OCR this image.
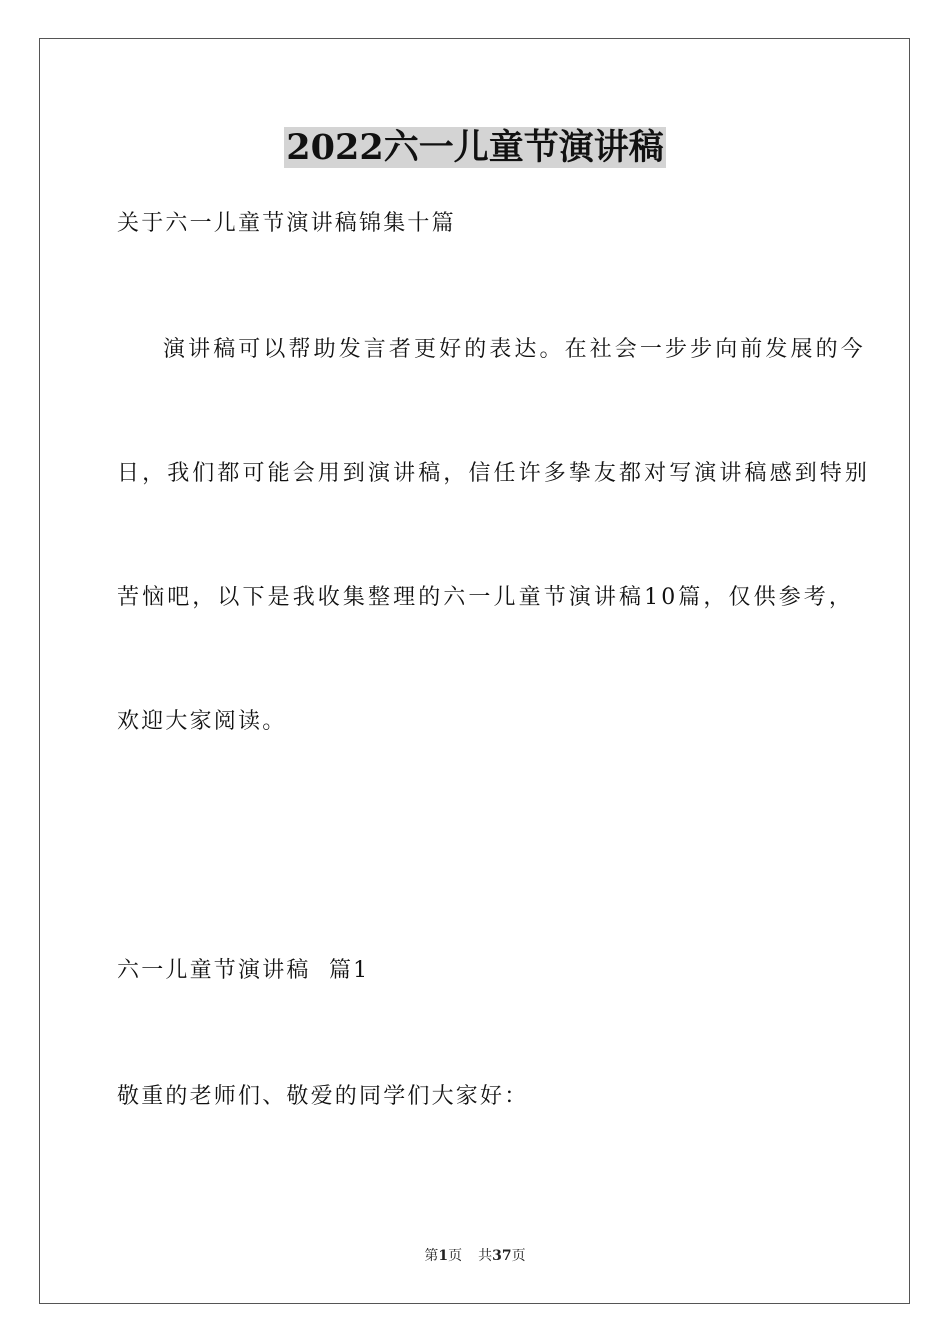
2022六一儿童节演讲稿
关于六一儿童节演讲稿锦集十篇
演讲稿可以帮助发言者更好的表达。在社会一步步向前发展的今
日，我们都可能会用到演讲稿，信任许多挚友都对写演讲稿感到特别
苦恼吧，以下是我收集整理的六一儿童节演讲稿10篇，仅供参考，
欢迎大家阅读。
六一儿童节演讲稿  篇1
敬重的老师们、敬爱的同学们大家好：
第1页 共37页
